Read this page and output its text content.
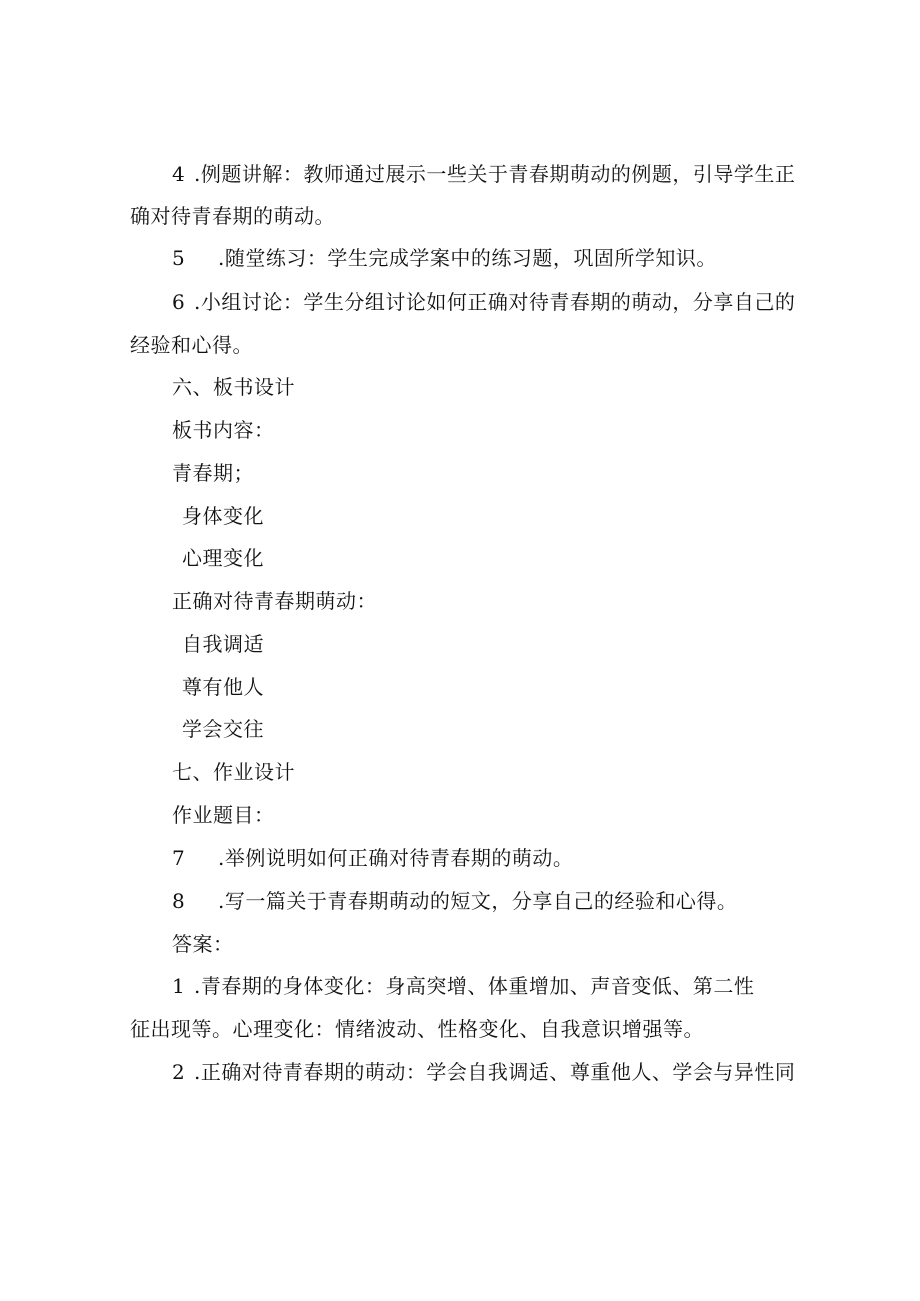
4 .例题讲解：教师通过展示一些关于青春期萌动的例题，引导学生正
确对待青春期的萌动。
5 .随堂练习：学生完成学案中的练习题，巩固所学知识。
6 .小组讨论：学生分组讨论如何正确对待青春期的萌动，分享自己的
经验和心得。
六、板书设计
板书内容：
青春期；
身体变化
心理变化
正确对待青春期萌动：
自我调适
尊有他人
学会交往
七、作业设计
作业题目：
7 .举例说明如何正确对待青春期的萌动。
8 .写一篇关于青春期萌动的短文，分享自己的经验和心得。
答案：
1 .青春期的身体变化：身高突增、体重增加、声音变低、第二性
征出现等。心理变化：情绪波动、性格变化、自我意识增强等。
2 .正确对待青春期的萌动：学会自我调适、尊重他人、学会与异性同
